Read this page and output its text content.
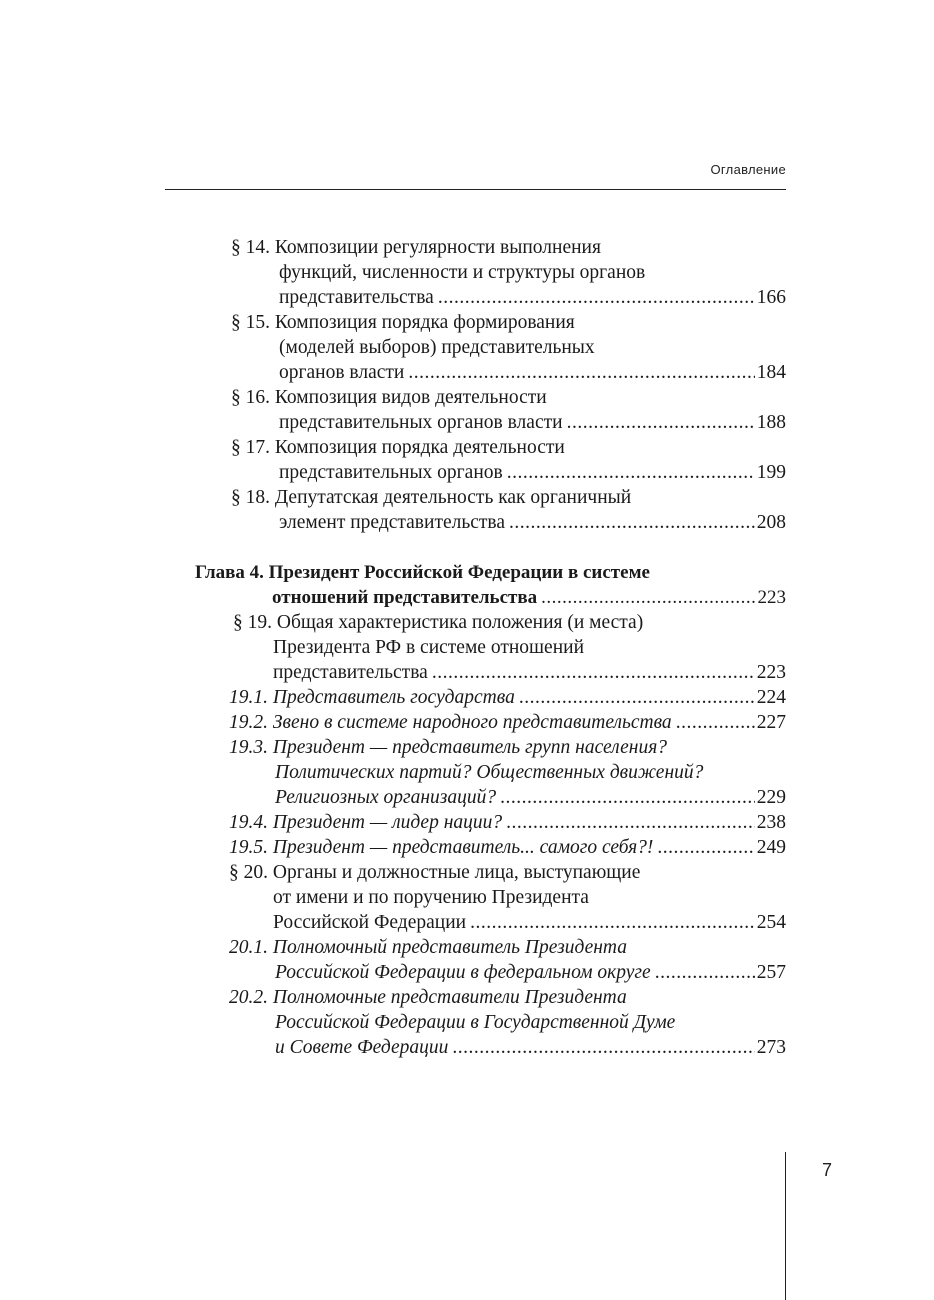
Оглавление
§ 14. Композиции регулярности выполнения
функций, численности и структуры органов
представительства .....	166
§ 15. Композиция порядка формирования
(моделей выборов) представительных
органов власти .....	184
§ 16. Композиция видов деятельности
представительных органов власти .....	188
§ 17. Композиция порядка деятельности
представительных органов .....	199
§ 18. Депутатская деятельность как органичный
элемент представительства .....	208
Глава 4. Президент Российской Федерации в системе
отношений представительства .....	223
§ 19. Общая характеристика положения (и места)
Президента РФ в системе отношений
представительства .....	223
19.1. Представитель государства .....	224
19.2. Звено в системе народного представительства .....	227
19.3. Президент — представитель групп населения?
Политических партий? Общественных движений?
Религиозных организаций? .....	229
19.4. Президент — лидер нации? .....	238
19.5. Президент — представитель... самого себя?! .....	249
§ 20. Органы и должностные лица, выступающие
от имени и по поручению Президента
Российской Федерации .....	254
20.1. Полномочный представитель Президента
Российской Федерации в федеральном округе .....	257
20.2. Полномочные представители Президента
Российской Федерации в Государственной Думе
и Совете Федерации .....	273
7
